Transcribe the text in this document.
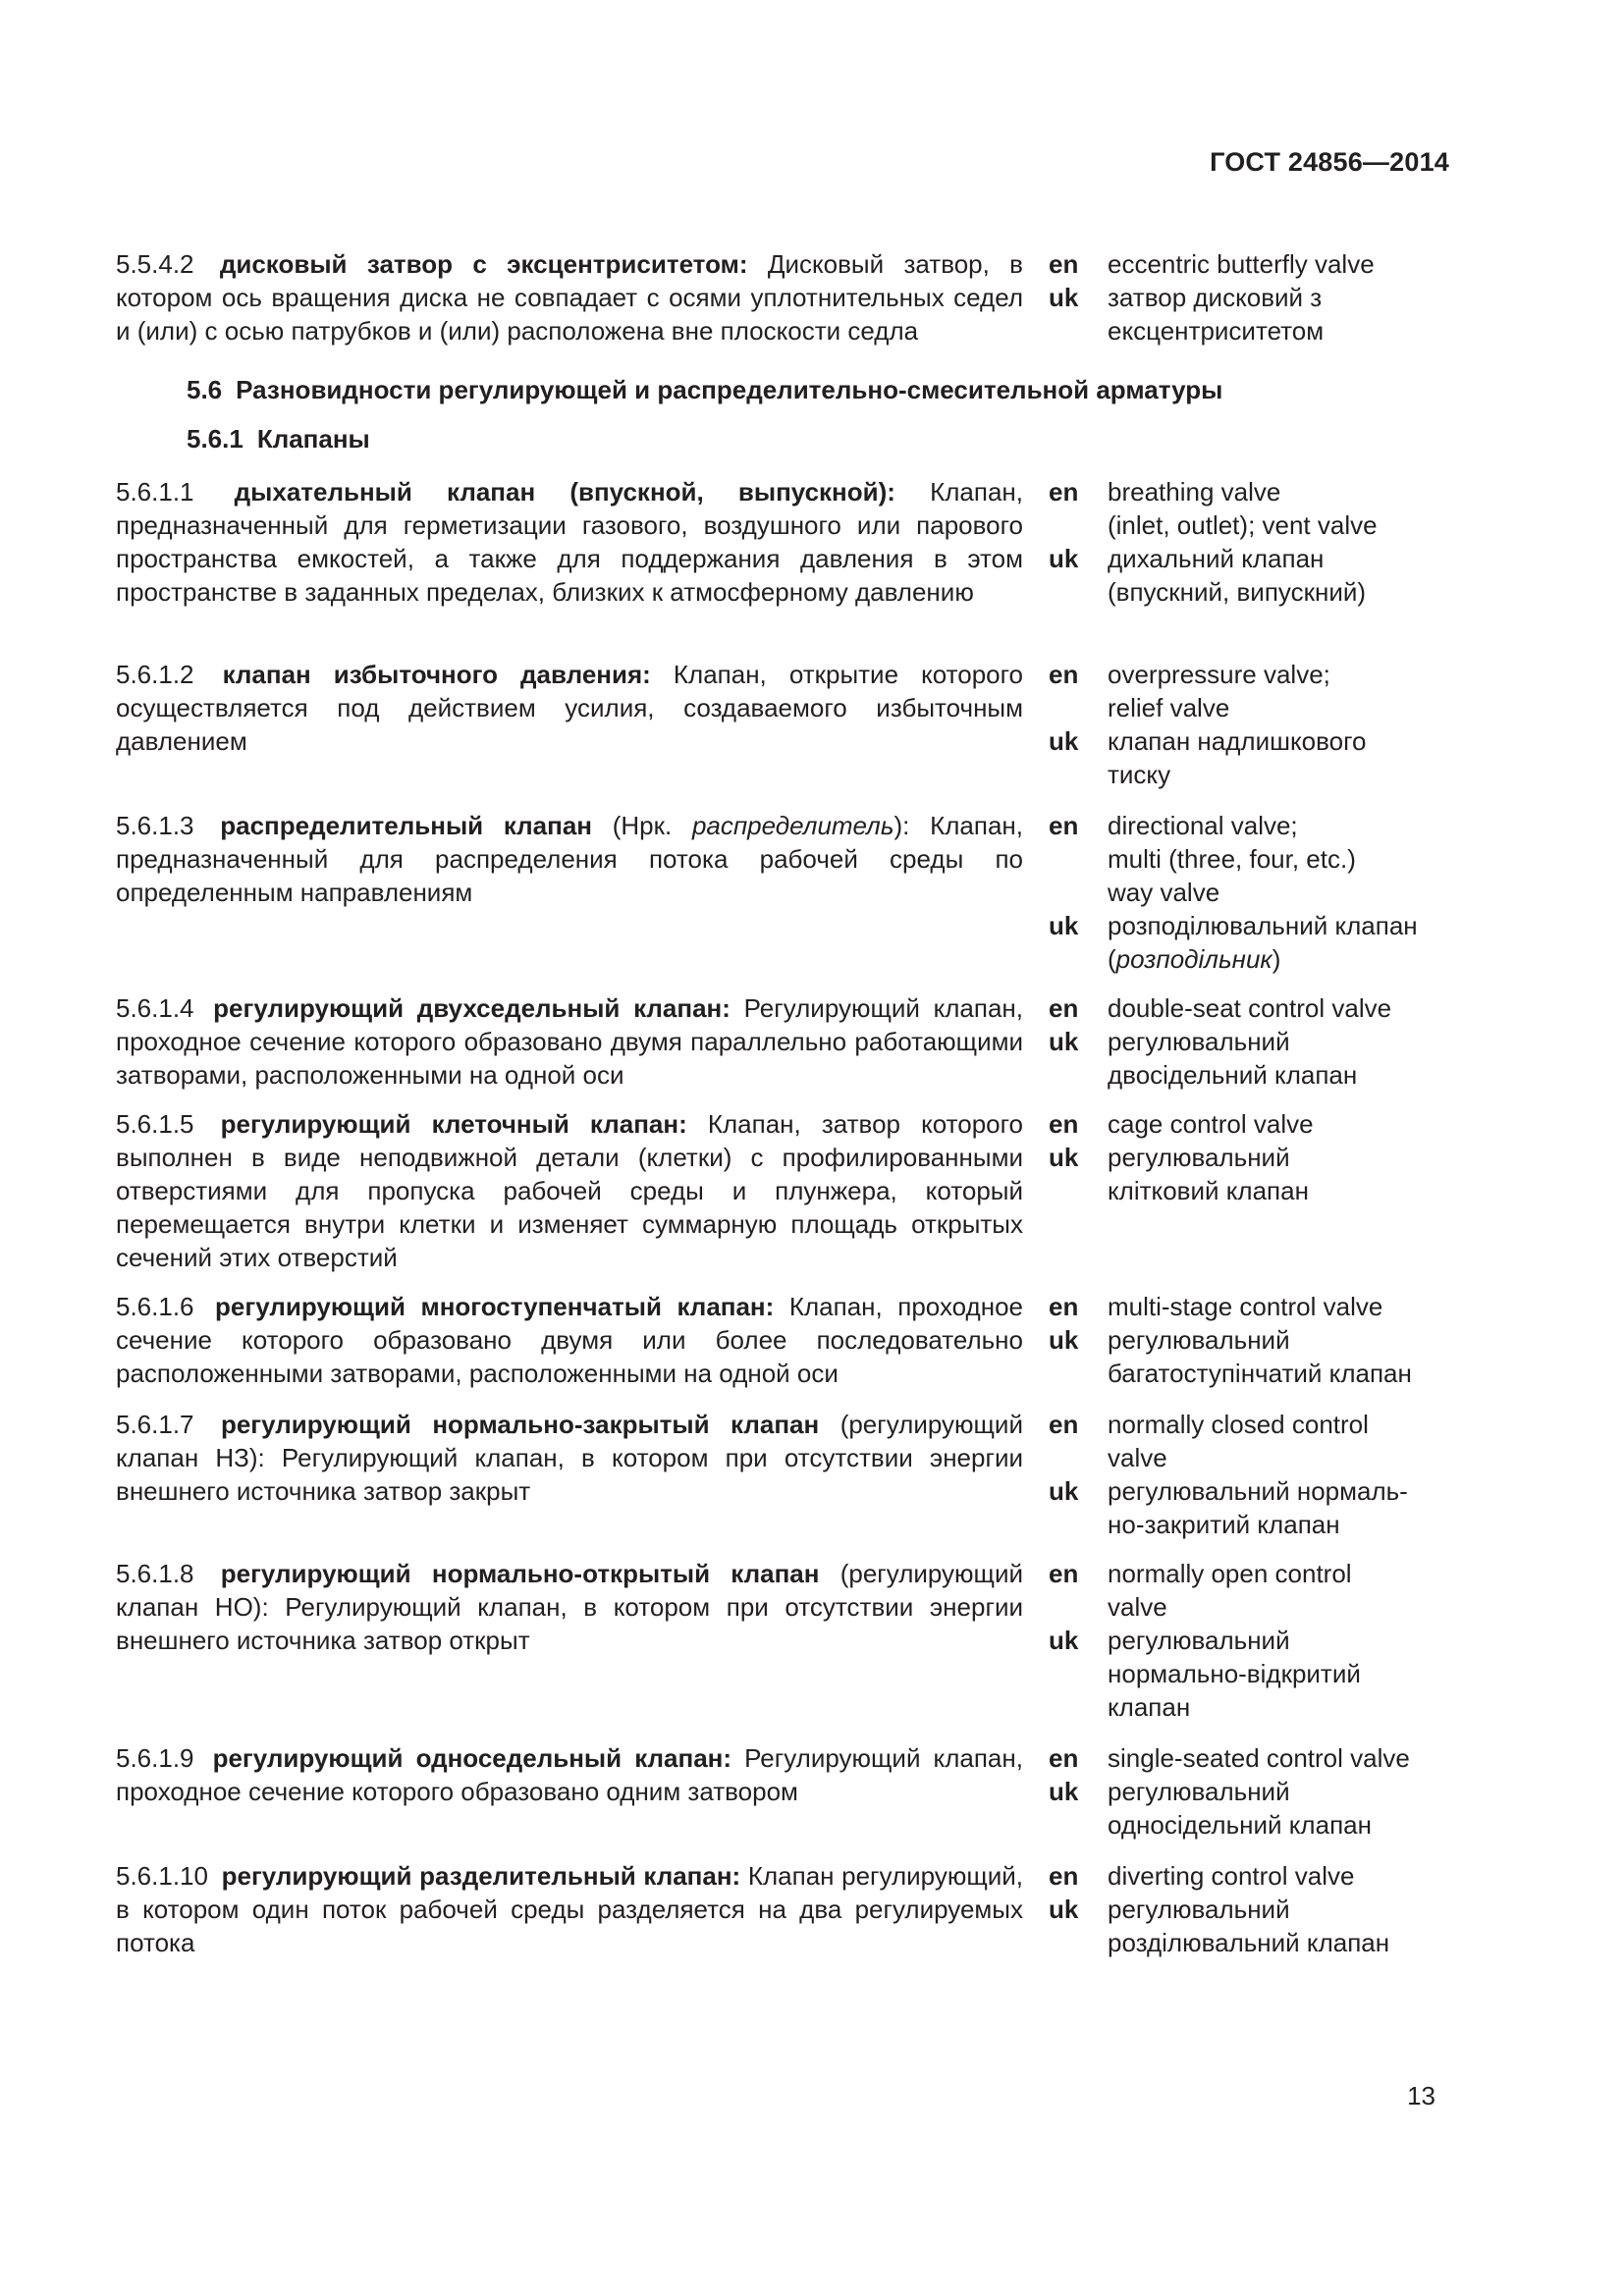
ГОСТ 24856—2014
5.5.4.2 дисковый затвор с эксцентриситетом: Дисковый затвор, в котором ось вращения диска не совпадает с осями уплотнительных седел и (или) с осью патрубков и (или) расположена вне плоскости седла
en eccentric butterfly valve
uk затвор дисковий з
ексцентриситетом
5.6 Разновидности регулирующей и распределительно-смесительной арматуры
5.6.1 Клапаны
5.6.1.1 дыхательный клапан (впускной, выпускной): Клапан, предназначенный для герметизации газового, воздушного или парового пространства емкостей, а также для поддержания давления в этом пространстве в заданных пределах, близких к атмосферному давлению
en breathing valve
(inlet, outlet); vent valve
uk дихальний клапан
(впускний, випускний)
5.6.1.2 клапан избыточного давления: Клапан, открытие которого осуществляется под действием усилия, создаваемого избыточным давлением
en overpressure valve;
relief valve
uk клапан надлишкового
тиску
5.6.1.3 распределительный клапан (Нрк. распределитель): Клапан, предназначенный для распределения потока рабочей среды по определенным направлениям
en directional valve;
multi (three, four, etc.)
way valve
uk розподілювальний клапан
(розподільник)
5.6.1.4 регулирующий двухседельный клапан: Регулирующий клапан, проходное сечение которого образовано двумя параллельно работающими затворами, расположенными на одной оси
en double-seat control valve
uk регулювальний
двосідельний клапан
5.6.1.5 регулирующий клеточный клапан: Клапан, затвор которого выполнен в виде неподвижной детали (клетки) с профилированными отверстиями для пропуска рабочей среды и плунжера, который перемещается внутри клетки и изменяет суммарную площадь открытых сечений этих отверстий
en cage control valve
uk регулювальний
клітковий клапан
5.6.1.6 регулирующий многоступенчатый клапан: Клапан, проходное сечение которого образовано двумя или более последовательно расположенными затворами, расположенными на одной оси
en multi-stage control valve
uk регулювальний
багатоступінчатий клапан
5.6.1.7 регулирующий нормально-закрытый клапан (регулирующий клапан НЗ): Регулирующий клапан, в котором при отсутствии энергии внешнего источника затвор закрыт
en normally closed control
valve
uk регулювальний нормаль-
но-закритий клапан
5.6.1.8 регулирующий нормально-открытый клапан (регулирующий клапан НО): Регулирующий клапан, в котором при отсутствии энергии внешнего источника затвор открыт
en normally open control
valve
uk регулювальний
нормально-відкритий
клапан
5.6.1.9 регулирующий односедельный клапан: Регулирующий клапан, проходное сечение которого образовано одним затвором
en single-seated control valve
uk регулювальний
односідельний клапан
5.6.1.10 регулирующий разделительный клапан: Клапан регулирующий, в котором один поток рабочей среды разделяется на два регулируемых потока
en diverting control valve
uk регулювальний
розділювальний клапан
13
